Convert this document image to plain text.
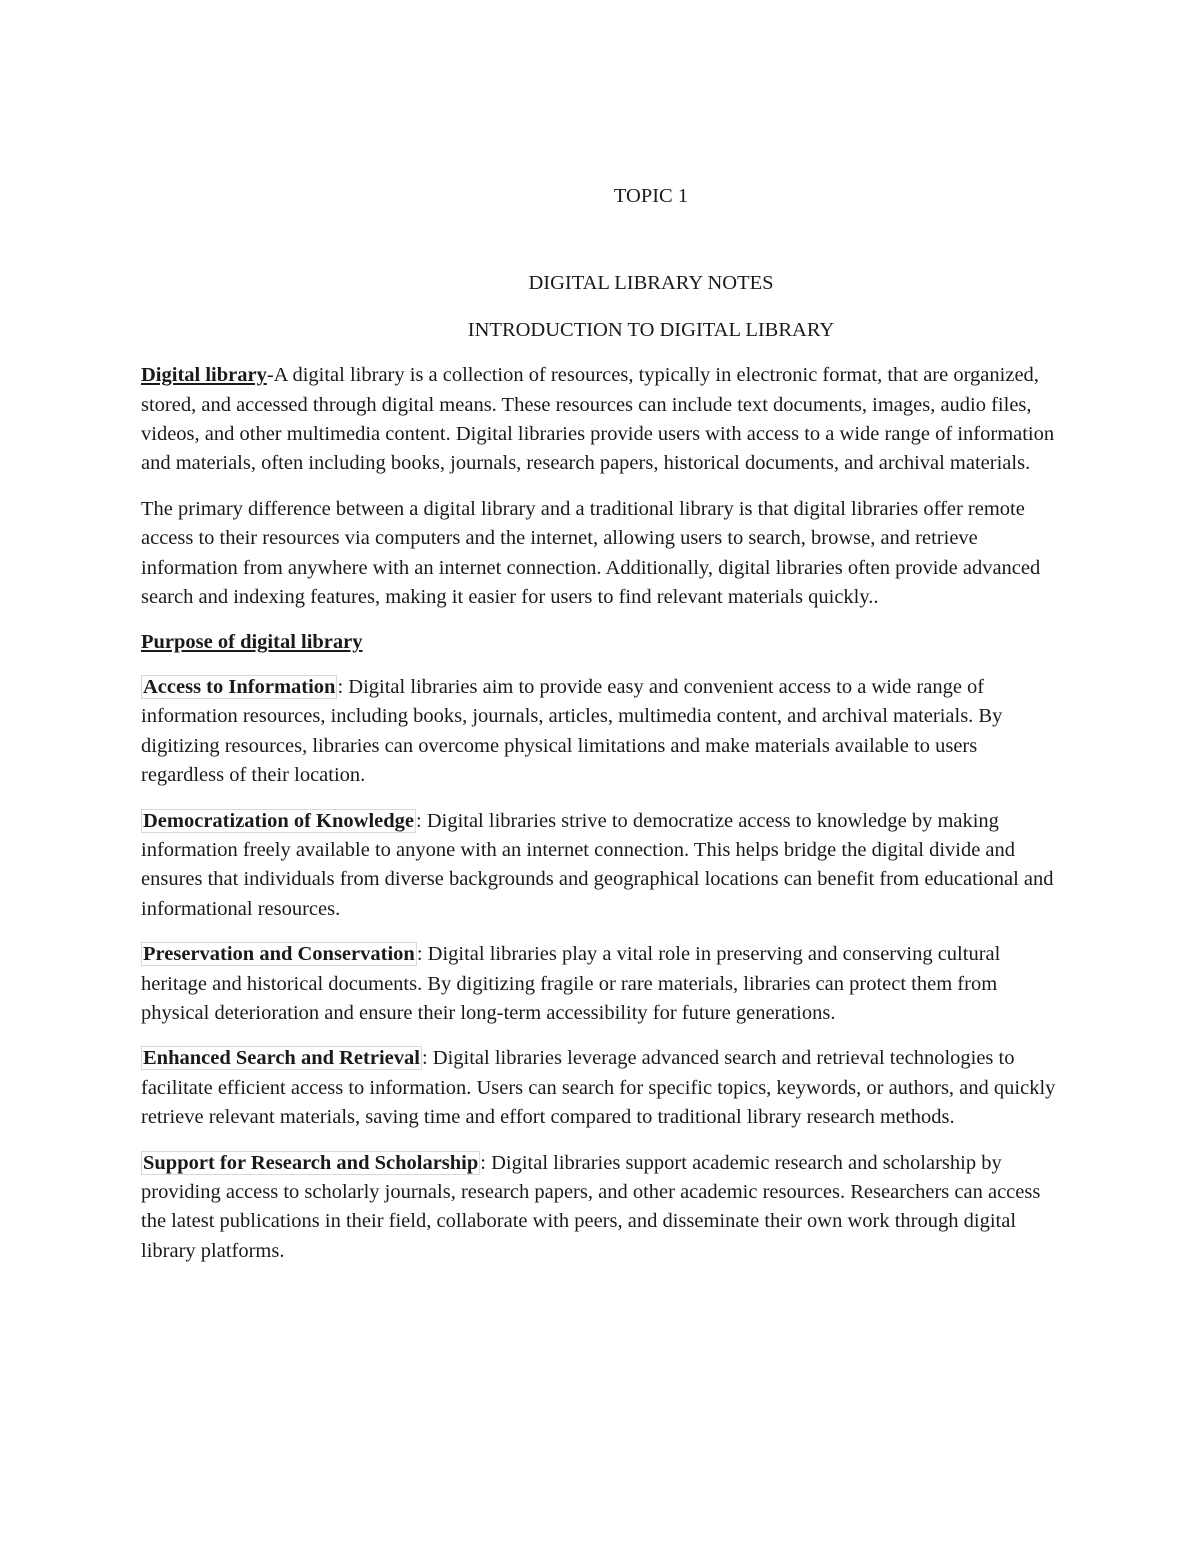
TOPIC 1

DIGITAL LIBRARY NOTES

INTRODUCTION TO DIGITAL LIBRARY

Digital library-A digital library is a collection of resources, typically in electronic format, that are organized, stored, and accessed through digital means. These resources can include text documents, images, audio files, videos, and other multimedia content. Digital libraries provide users with access to a wide range of information and materials, often including books, journals, research papers, historical documents, and archival materials.

The primary difference between a digital library and a traditional library is that digital libraries offer remote access to their resources via computers and the internet, allowing users to search, browse, and retrieve information from anywhere with an internet connection. Additionally, digital libraries often provide advanced search and indexing features, making it easier for users to find relevant materials quickly..

Purpose of digital library

Access to Information: Digital libraries aim to provide easy and convenient access to a wide range of information resources, including books, journals, articles, multimedia content, and archival materials. By digitizing resources, libraries can overcome physical limitations and make materials available to users regardless of their location.

Democratization of Knowledge: Digital libraries strive to democratize access to knowledge by making information freely available to anyone with an internet connection. This helps bridge the digital divide and ensures that individuals from diverse backgrounds and geographical locations can benefit from educational and informational resources.

Preservation and Conservation: Digital libraries play a vital role in preserving and conserving cultural heritage and historical documents. By digitizing fragile or rare materials, libraries can protect them from physical deterioration and ensure their long-term accessibility for future generations.

Enhanced Search and Retrieval: Digital libraries leverage advanced search and retrieval technologies to facilitate efficient access to information. Users can search for specific topics, keywords, or authors, and quickly retrieve relevant materials, saving time and effort compared to traditional library research methods.

Support for Research and Scholarship: Digital libraries support academic research and scholarship by providing access to scholarly journals, research papers, and other academic resources. Researchers can access the latest publications in their field, collaborate with peers, and disseminate their own work through digital library platforms.
